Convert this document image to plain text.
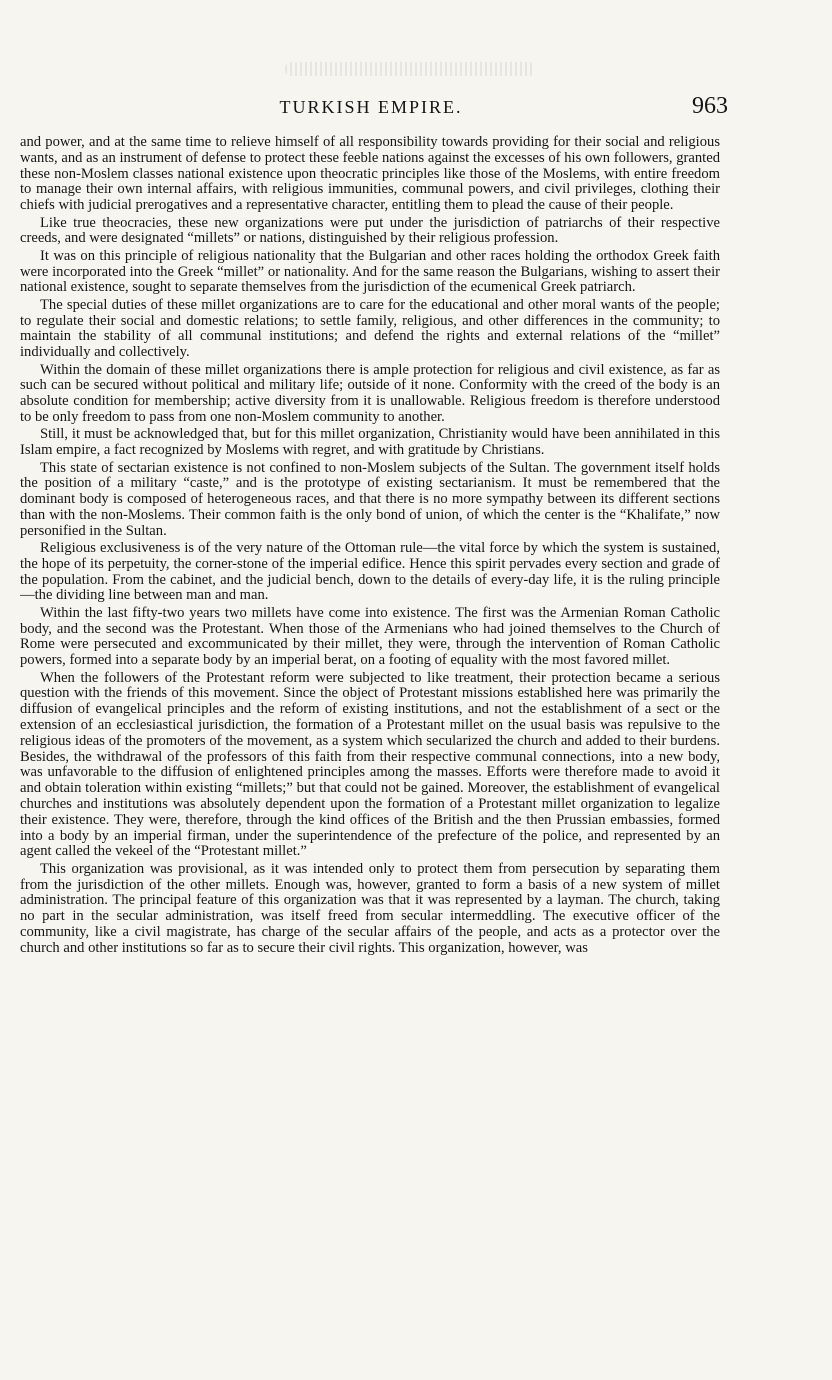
TURKISH EMPIRE.	963

and power, and at the same time to relieve himself of all responsibility towards providing for their social and religious wants, and as an instrument of defense to protect these feeble nations against the excesses of his own followers, granted these non-Moslem classes national existence upon theocratic principles like those of the Moslems, with entire freedom to manage their own internal affairs, with religious immunities, communal powers, and civil privileges, clothing their chiefs with judicial prerogatives and a representative character, entitling them to plead the cause of their people.

Like true theocracies, these new organizations were put under the jurisdiction of patriarchs of their respective creeds, and were designated “millets” or nations, distinguished by their religious profession.

It was on this principle of religious nationality that the Bulgarian and other races holding the orthodox Greek faith were incorporated into the Greek “millet” or nationality. And for the same reason the Bulgarians, wishing to assert their national existence, sought to separate themselves from the jurisdiction of the ecumenical Greek patriarch.

The special duties of these millet organizations are to care for the educational and other moral wants of the people; to regulate their social and domestic relations; to settle family, religious, and other differences in the community; to maintain the stability of all communal institutions; and defend the rights and external relations of the “millet” individually and collectively.

Within the domain of these millet organizations there is ample protection for religious and civil existence, as far as such can be secured without political and military life; outside of it none. Conformity with the creed of the body is an absolute condition for membership; active diversity from it is unallowable. Religious freedom is therefore understood to be only freedom to pass from one non-Moslem community to another.

Still, it must be acknowledged that, but for this millet organization, Christianity would have been annihilated in this Islam empire, a fact recognized by Moslems with regret, and with gratitude by Christians.

This state of sectarian existence is not confined to non-Moslem subjects of the Sultan. The government itself holds the position of a military “caste,” and is the prototype of existing sectarianism. It must be remembered that the dominant body is composed of heterogeneous races, and that there is no more sympathy between its different sections than with the non-Moslems. Their common faith is the only bond of union, of which the center is the “Khalifate,” now personified in the Sultan.

Religious exclusiveness is of the very nature of the Ottoman rule—the vital force by which the system is sustained, the hope of its perpetuity, the corner-stone of the imperial edifice. Hence this spirit pervades every section and grade of the population. From the cabinet, and the judicial bench, down to the details of every-day life, it is the ruling principle—the dividing line between man and man.

Within the last fifty-two years two millets have come into existence. The first was the Armenian Roman Catholic body, and the second was the Protestant. When those of the Armenians who had joined themselves to the Church of Rome were persecuted and excommunicated by their millet, they were, through the intervention of Roman Catholic powers, formed into a separate body by an imperial berat, on a footing of equality with the most favored millet.

When the followers of the Protestant reform were subjected to like treatment, their protection became a serious question with the friends of this movement. Since the object of Protestant missions established here was primarily the diffusion of evangelical principles and the reform of existing institutions, and not the establishment of a sect or the extension of an ecclesiastical jurisdiction, the formation of a Protestant millet on the usual basis was repulsive to the religious ideas of the promoters of the movement, as a system which secularized the church and added to their burdens. Besides, the withdrawal of the professors of this faith from their respective communal connections, into a new body, was unfavorable to the diffusion of enlightened principles among the masses. Efforts were therefore made to avoid it and obtain toleration within existing “millets;” but that could not be gained. Moreover, the establishment of evangelical churches and institutions was absolutely dependent upon the formation of a Protestant millet organization to legalize their existence. They were, therefore, through the kind offices of the British and the then Prussian embassies, formed into a body by an imperial firman, under the superintendence of the prefecture of the police, and represented by an agent called the vekeel of the “Protestant millet.”

This organization was provisional, as it was intended only to protect them from persecution by separating them from the jurisdiction of the other millets. Enough was, however, granted to form a basis of a new system of millet administration. The principal feature of this organization was that it was represented by a layman. The church, taking no part in the secular administration, was itself freed from secular intermeddling. The executive officer of the community, like a civil magistrate, has charge of the secular affairs of the people, and acts as a protector over the church and other institutions so far as to secure their civil rights. This organization, however, was
